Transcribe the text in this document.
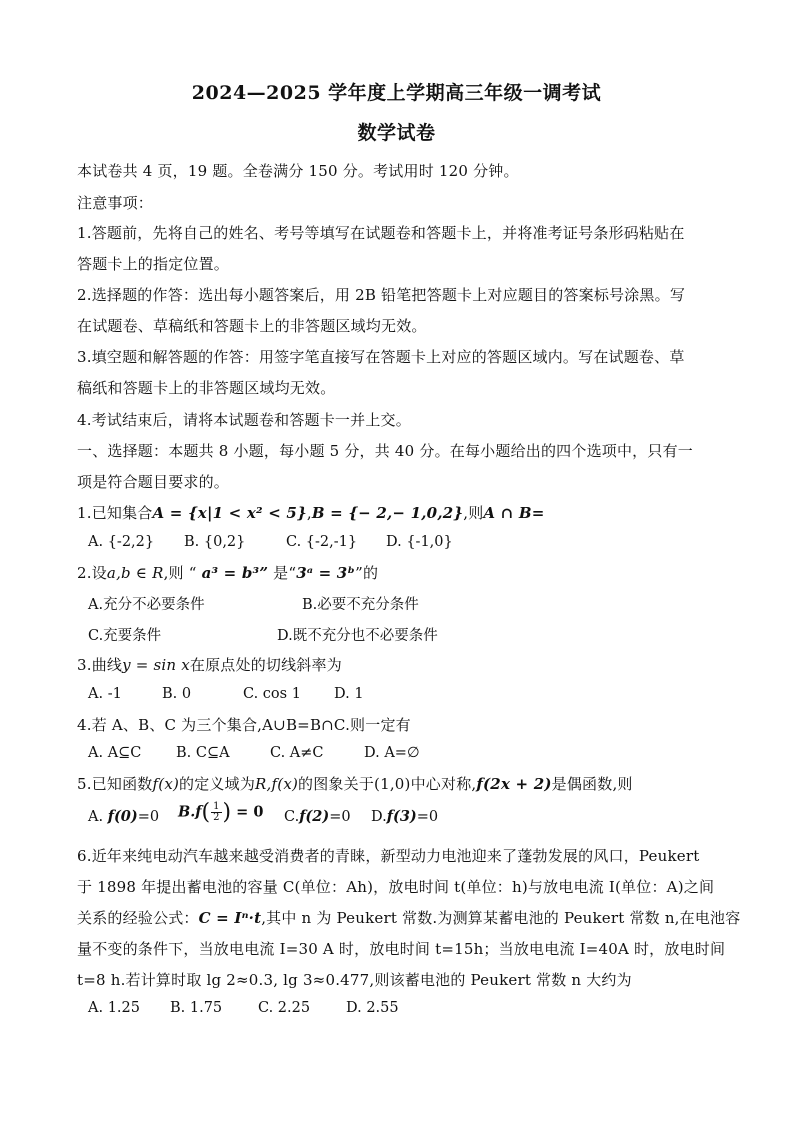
2024—2025 学年度上学期高三年级一调考试
数学试卷
本试卷共 4 页，19 题。全卷满分 150 分。考试用时 120 分钟。
注意事项：
1.答题前，先将自己的姓名、考号等填写在试题卷和答题卡上，并将准考证号条形码粘贴在
答题卡上的指定位置。
2.选择题的作答：选出每小题答案后，用 2B 铅笔把答题卡上对应题目的答案标号涂黑。写
在试题卷、草稿纸和答题卡上的非答题区域均无效。
3.填空题和解答题的作答：用签字笔直接写在答题卡上对应的答题区域内。写在试题卷、草
稿纸和答题卡上的非答题区域均无效。
4.考试结束后，请将本试题卷和答题卡一并上交。
一、选择题：本题共 8 小题，每小题 5 分，共 40 分。在每小题给出的四个选项中，只有一
项是符合题目要求的。
1.已知集合A = {x|1 < x² < 5},B = {− 2,− 1,0,2},则A ∩ B=
A. {-2,2} B. {0,2}	C. {-2,-1} D. {-1,0}
2.设a,b ∈ R,则 “ a³ = b³” 是“3ᵃ = 3ᵇ”的
A.充分不必要条件	B.必要不充分条件
C.充要条件	D.既不充分也不必要条件
3.曲线y = sin x在原点处的切线斜率为
A. -1	B. 0	C. cos 1 D. 1
4.若 A、B、C 为三个集合,A∪B=B∩C.则一定有
A. A⊆C B. C⊆A	C. A≠C	D. A=∅
5.已知函数f(x)的定义域为R,f(x)的图象关于(1,0)中心对称,f(2x + 2)是偶函数,则
A. f(0)=0 $B.f( \frac{1}{2}$ ) = 0 C.f(2)=0 D.f(3)=0
6.近年来纯电动汽车越来越受消费者的青睐，新型动力电池迎来了蓬勃发展的风口，Peukert
于 1898 年提出蓄电池的容量 C(单位：Ah)，放电时间 t(单位：h)与放电电流 I(单位：A)之间
关系的经验公式：C = Iⁿ·t,其中 n 为 Peukert 常数.为测算某蓄电池的 Peukert 常数 n,在电池容
量不变的条件下，当放电电流 I=30 A 时，放电时间 t=15h；当放电电流 I=40A 时，放电时间
t=8 h.若计算时取 lg 2≈0.3, lg 3≈0.477,则该蓄电池的 Peukert 常数 n 大约为
A. 1.25 B. 1.75 C. 2.25 D. 2.55
